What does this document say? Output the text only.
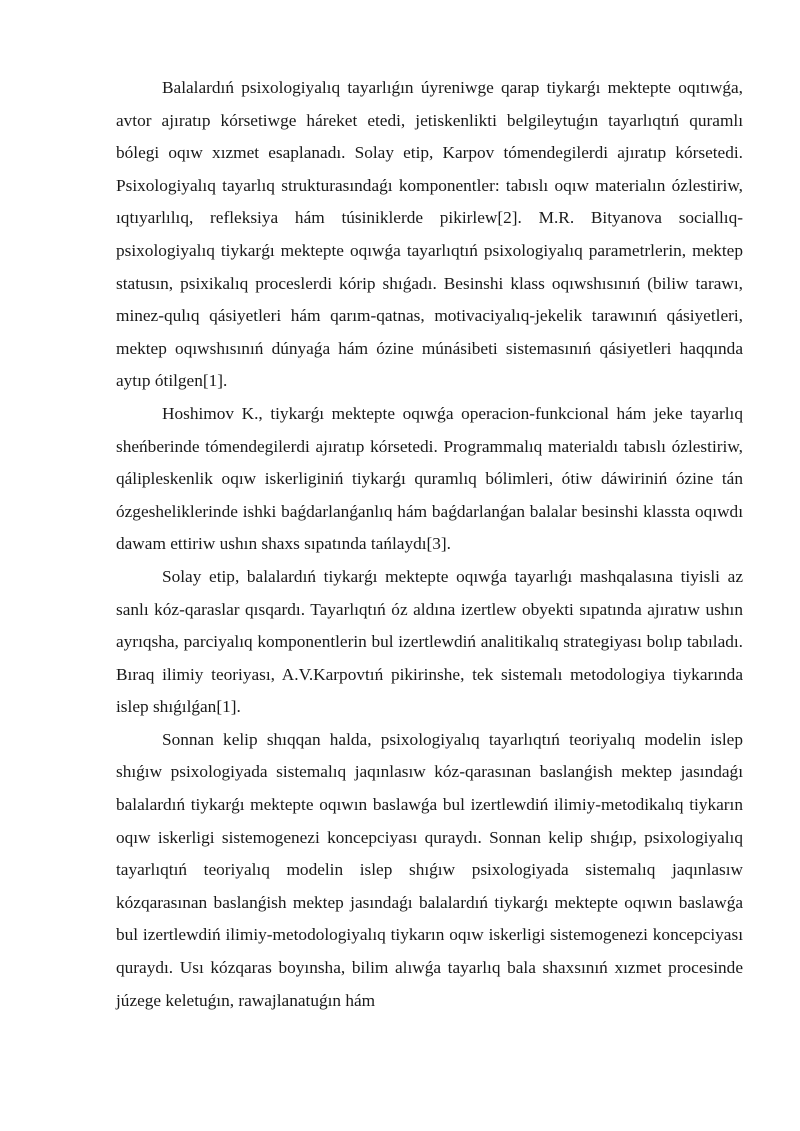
Balalardıń psixologiyalıq tayarlıǵın úyreniwge qarap tiykarǵı mektepte oqıtıwǵa, avtor ajıratıp kórsetiwge háreket etedi, jetiskenlikti belgileytuǵın tayarlıqtıń quramlı bólegi oqıw xızmet esaplanadı. Solay etip, Karpov tómendegilerdi ajıratıp kórsetedi. Psixologiyalıq tayarlıq strukturasındaǵı komponentler: tabıslı oqıw materialın ózlestiriw, ıqtıyarlılıq, refleksiya hám túsiniklerde pikirlew[2]. M.R. Bityanova sociallıq-psixologiyalıq tiykarǵı mektepte oqıwǵa tayarlıqtıń psixologiyalıq parametrlerin, mektep statusın, psixikalıq proceslerdi kórip shıǵadı. Besinshi klass oqıwshısınıń (biliw tarawı, minez-qulıq qásiyetleri hám qarım-qatnas, motivaciyalıq-jekelik tarawınıń qásiyetleri, mektep oqıwshısınıń dúnyaǵa hám ózine múnásibeti sistemasınıń qásiyetleri haqqında aytıp ótilgen[1].

Hoshimov K., tiykarǵı mektepte oqıwǵa operacion-funkcional hám jeke tayarlıq sheńberinde tómendegilerdi ajıratıp kórsetedi. Programmalıq materialdı tabıslı ózlestiriw, qálipleskenlik oqıw iskerliginiń tiykarǵı quramlıq bólimleri, ótiw dáwiriniń ózine tán ózgesheliklerinde ishki baǵdarlanǵanlıq hám baǵdarlanǵan balalar besinshi klassta oqıwdı dawam ettiriw ushın shaxs sıpatında tańlaydı[3].

Solay etip, balalardıń tiykarǵı mektepte oqıwǵa tayarlıǵı mashqalasına tiyisli az sanlı kóz-qaraslar qısqardı. Tayarlıqtıń óz aldına izertlew obyekti sıpatında ajıratıw ushın ayrıqsha, parciyalıq komponentlerin bul izertlewdiń analitikalıq strategiyası bolıp tabıladı. Bıraq ilimiy teoriyası, A.V.Karpovtıń pikirinshe, tek sistemalı metodologiya tiykarında islep shıǵılǵan[1].

Sonnan kelip shıqqan halda, psixologiyalıq tayarlıqtıń teoriyalıq modelin islep shıǵıw psixologiyada sistemalıq jaqınlasıw kóz-qarasınan baslanǵish mektep jasındaǵı balalardıń tiykarǵı mektepte oqıwın baslawǵa bul izertlewdiń ilimiy-metodikalıq tiykarın oqıw iskerligi sistemogenezi koncepciyası quraydı. Sonnan kelip shıǵıp, psixologiyalıq tayarlıqtıń teoriyalıq modelin islep shıǵıw psixologiyada sistemalıq jaqınlasıw kózqarasınan baslanǵish mektep jasındaǵı balalardıń tiykarǵı mektepte oqıwın baslawǵa bul izertlewdiń ilimiy-metodologiyalıq tiykarın oqıw iskerligi sistemogenezi koncepciyası quraydı. Usı kózqaras boyınsha, bilim alıwǵa tayarlıq bala shaxsınıń xızmet procesinde júzege keletuǵın, rawajlanatuǵın hám
